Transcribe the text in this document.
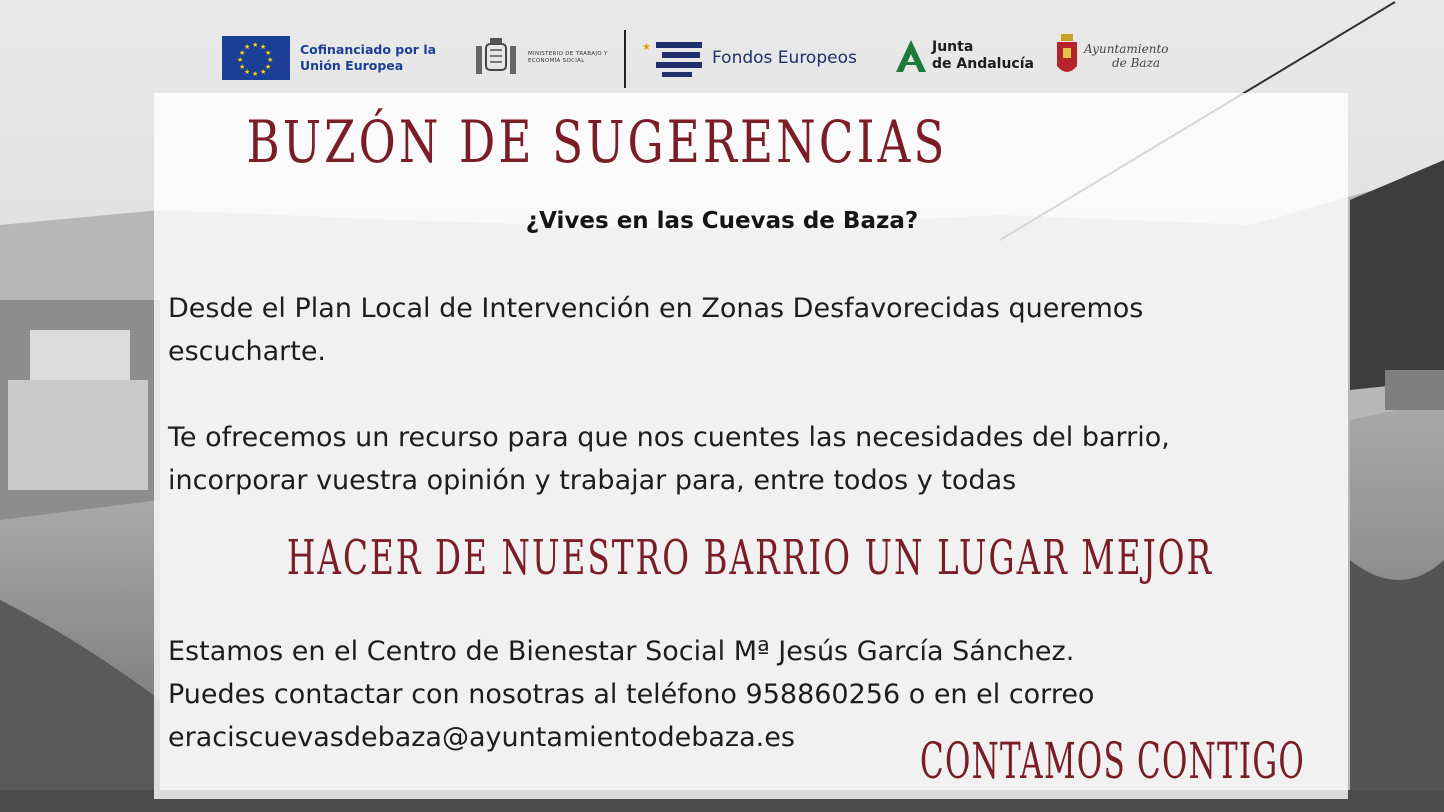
★ ★
★
★
★
★
★
★
★
★
★
★	Cofinanciado por la Unión Europea
MINISTERIO DE TRABAJO Y ECONOMÍA SOCIAL
★
Fondos Europeos
Junta
de Andalucía
Ayuntamiento
de Baza
BUZÓN DE SUGERENCIAS

¿Vives en las Cuevas de Baza?

Desde el Plan Local de Intervención en Zonas Desfavorecidas queremos escucharte.

Te ofrecemos un recurso para que nos cuentes las necesidades del barrio, incorporar vuestra opinión y trabajar para, entre todos y todas

HACER DE NUESTRO BARRIO UN LUGAR MEJOR

Estamos en el Centro de Bienestar Social Mª Jesús García Sánchez.
Puedes contactar con nosotras al teléfono 958860256 o en el correo
eraciscuevasdebaza@ayuntamientodebaza.es	CONTAMOS CONTIGO
